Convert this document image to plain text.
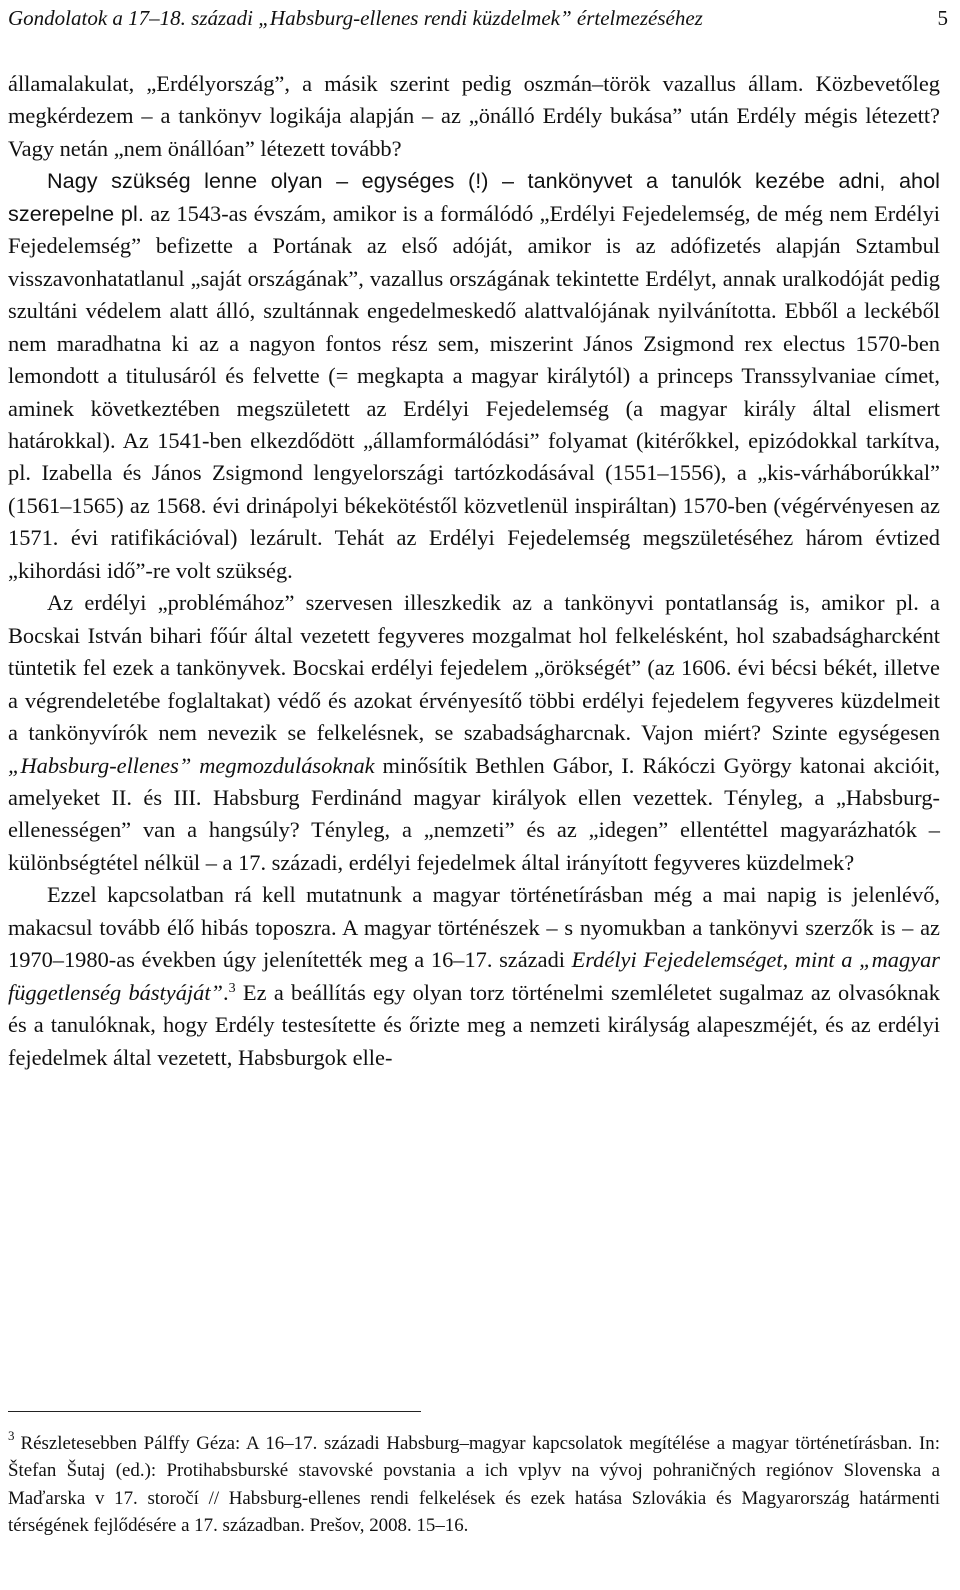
Gondolatok a 17–18. századi „Habsburg-ellenes rendi küzdelmek” értelmezéséhez	5

államalakulat, „Erdélyország”, a másik szerint pedig oszmán–török vazallus állam. Közbevetőleg megkérdezem – a tankönyv logikája alapján – az „önálló Erdély bukása” után Erdély mégis létezett? Vagy netán „nem önállóan” létezett tovább?

Nagy szükség lenne olyan – egységes (!) – tankönyvet a tanulók kezébe adni, ahol szerepelne pl. az 1543-as évszám, amikor is a formálódó „Erdélyi Fejedelemség, de még nem Erdélyi Fejedelemség” befizette a Portának az első adóját, amikor is az adófizetés alapján Sztambul visszavonhatatlanul „saját országának”, vazallus országának tekintette Erdélyt, annak uralkodóját pedig szultáni védelem alatt álló, szultánnak engedelmeskedő alattvalójának nyilvánította. Ebből a leckéből nem maradhatna ki az a nagyon fontos rész sem, miszerint János Zsigmond rex electus 1570-ben lemondott a titulusáról és felvette (= megkapta a magyar királytól) a princeps Transsylvaniae címet, aminek következtében megszületett az Erdélyi Fejedelemség (a magyar király által elismert határokkal). Az 1541-ben elkezdődött „államformálódási” folyamat (kitérőkkel, epizódokkal tarkítva, pl. Izabella és János Zsigmond lengyelországi tartózkodásával (1551–1556), a „kis-várháborúkkal” (1561–1565) az 1568. évi drinápolyi békekötéstől közvetlenül inspiráltan) 1570-ben (végérvényesen az 1571. évi ratifikációval) lezárult. Tehát az Erdélyi Fejedelemség megszületéséhez három évtized „kihordási idő”-re volt szükség.

Az erdélyi „problémához” szervesen illeszkedik az a tankönyvi pontatlanság is, amikor pl. a Bocskai István bihari főúr által vezetett fegyveres mozgalmat hol felkelésként, hol szabadságharcként tüntetik fel ezek a tankönyvek. Bocskai erdélyi fejedelem „örökségét” (az 1606. évi bécsi békét, illetve a végrendeletébe foglaltakat) védő és azokat érvényesítő többi erdélyi fejedelem fegyveres küzdelmeit a tankönyvírók nem nevezik se felkelésnek, se szabadságharcnak. Vajon miért? Szinte egységesen „Habsburg-ellenes” megmozdulásoknak minősítik Bethlen Gábor, I. Rákóczi György katonai akcióit, amelyeket II. és III. Habsburg Ferdinánd magyar királyok ellen vezettek. Tényleg, a „Habsburg-ellenességen” van a hangsúly? Tényleg, a „nemzeti” és az „idegen” ellentéttel magyarázhatók – különbségtétel nélkül – a 17. századi, erdélyi fejedelmek által irányított fegyveres küzdelmek?

Ezzel kapcsolatban rá kell mutatnunk a magyar történetírásban még a mai napig is jelenlévő, makacsul tovább élő hibás toposzra. A magyar történészek – s nyomukban a tankönyvi szerzők is – az 1970–1980-as években úgy jelenítették meg a 16–17. századi Erdélyi Fejedelemséget, mint a „magyar függetlenség bástyáját”.$^3$ Ez a beállítás egy olyan torz történelmi szemléletet sugalmaz az olvasóknak és a tanulóknak, hogy Erdély testesítette és őrizte meg a nemzeti királyság alapeszméjét, és az erdélyi fejedelmek által vezetett, Habsburgok elle-

$^3$ Részletesebben Pálffy Géza: A 16–17. századi Habsburg–magyar kapcsolatok megítélése a magyar történetírásban. In: Štefan Šutaj (ed.): Protihabsburské stavovské povstania a ich vplyv na vývoj pohraničných regiónov Slovenska a Maďarska v 17. storočí // Habsburg-ellenes rendi felkelések és ezek hatása Szlovákia és Magyarország határmenti térségének fejlődésére a 17. században. Prešov, 2008. 15–16.
